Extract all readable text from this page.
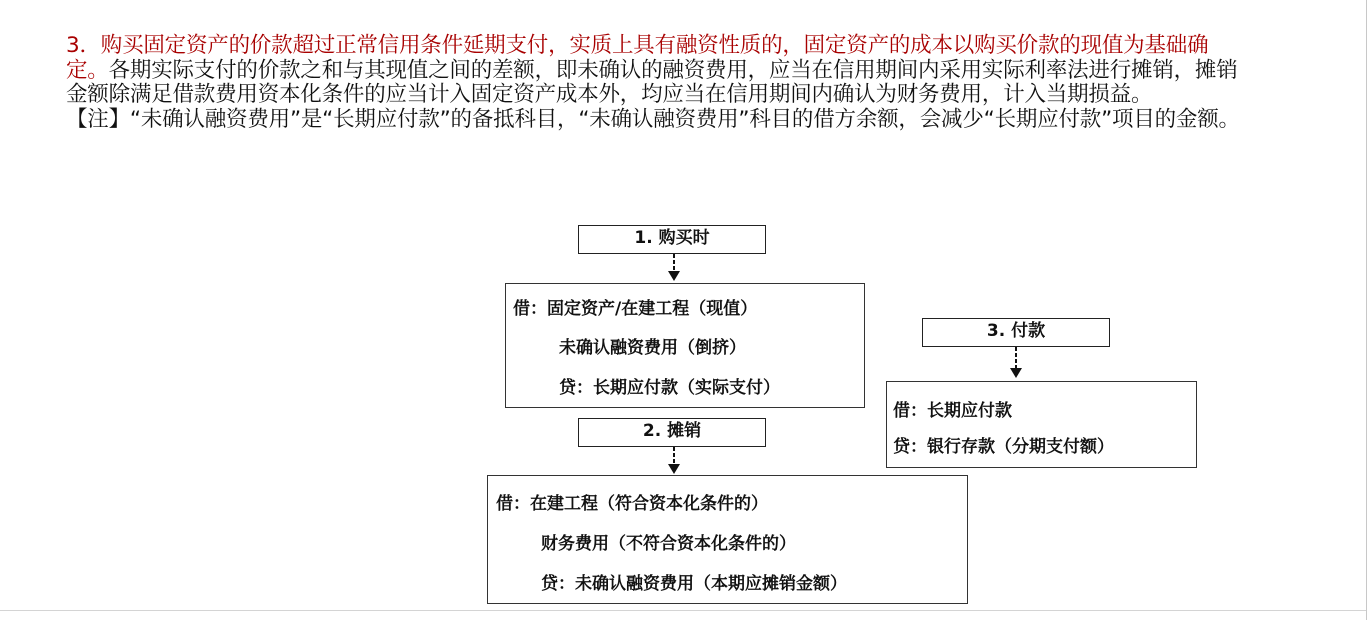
3．购买固定资产的价款超过正常信用条件延期支付，实质上具有融资性质的，固定资产的成本以购买价款的现值为基础确定。各期实际支付的价款之和与其现值之间的差额，即未确认的融资费用，应当在信用期间内采用实际利率法进行摊销，摊销金额除满足借款费用资本化条件的应当计入固定资产成本外，均应当在信用期间内确认为财务费用，计入当期损益。

【注】“未确认融资费用”是“长期应付款”的备抵科目，“未确认融资费用”科目的借方余额，会减少“长期应付款”项目的金额。

1. 购买时
借：固定资产/在建工程（现值）
未确认融资费用（倒挤）
贷：长期应付款（实际支付）
2. 摊销
借：在建工程（符合资本化条件的）
财务费用（不符合资本化条件的）
贷：未确认融资费用（本期应摊销金额）
3. 付款
借：长期应付款
贷：银行存款（分期支付额）
